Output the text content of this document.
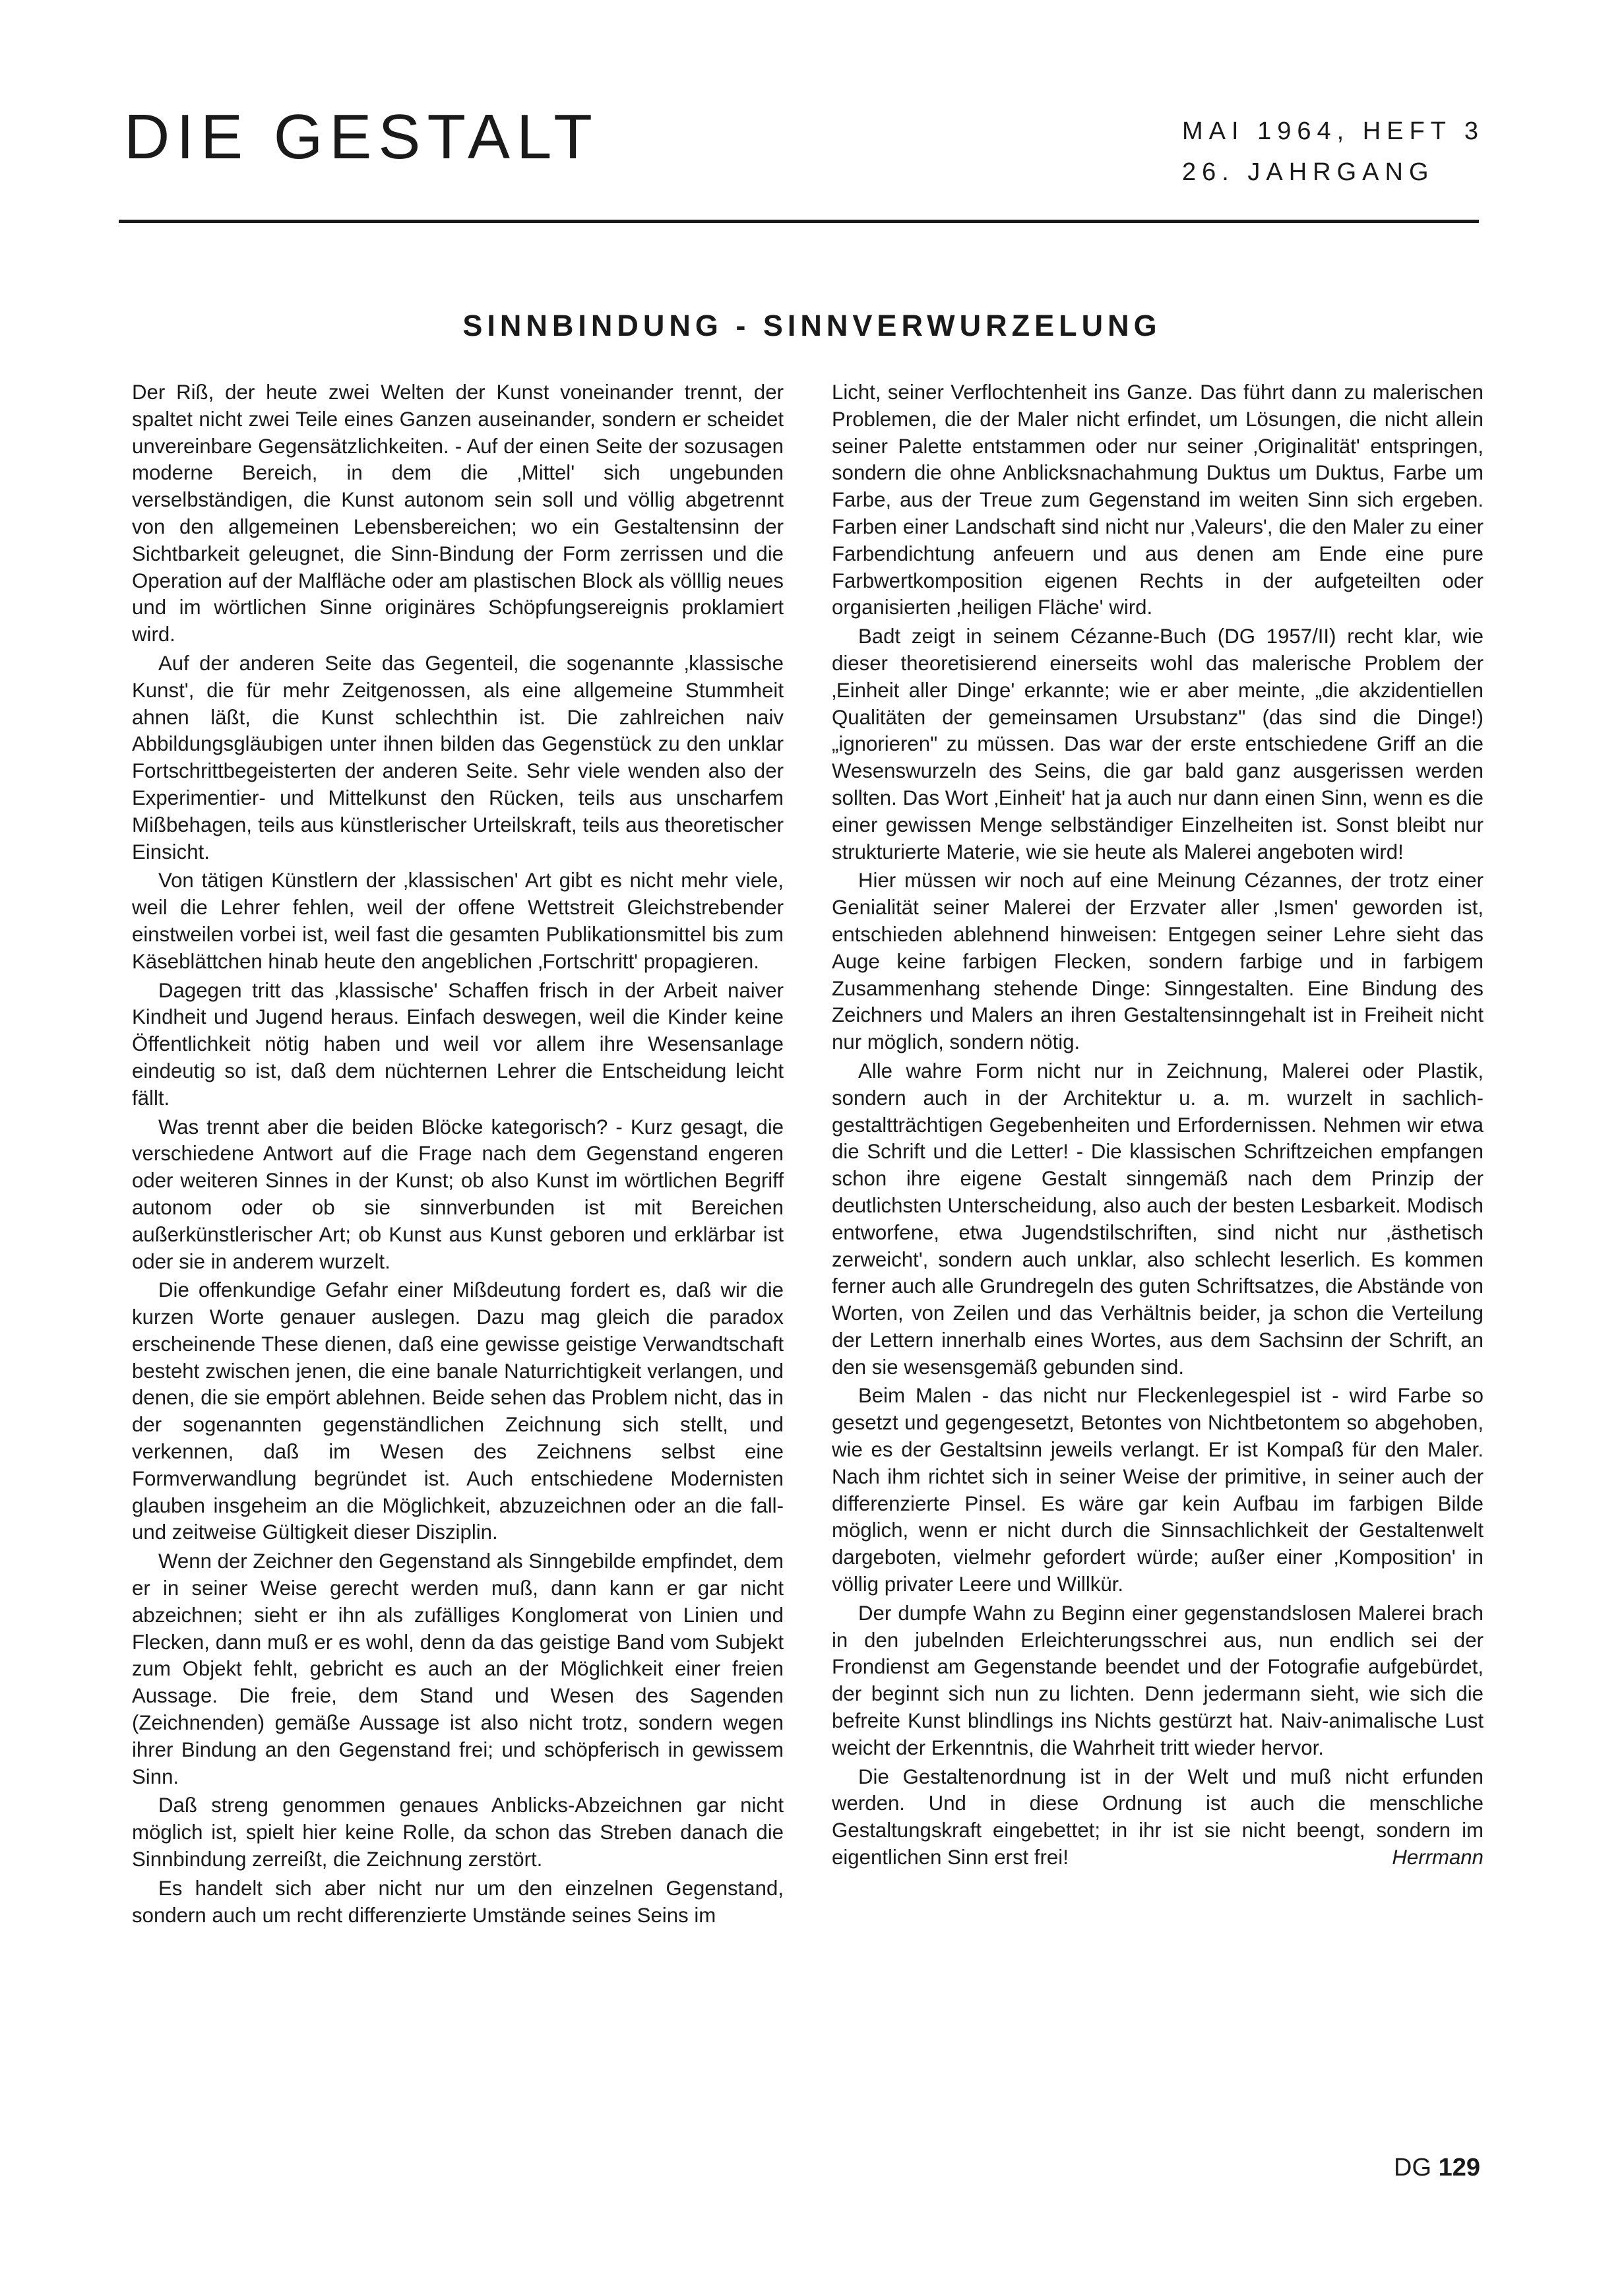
DIE GESTALT	MAI 1964, HEFT 3
26. JAHRGANG
SINNBINDUNG - SINNVERWURZELUNG

Der Riß, der heute zwei Welten der Kunst voneinander trennt, der spaltet nicht zwei Teile eines Ganzen auseinander, sondern er scheidet unvereinbare Gegensätzlichkeiten. - Auf der einen Seite der sozusagen moderne Bereich, in dem die ‚Mittel' sich ungebunden verselbständigen, die Kunst autonom sein soll und völlig abgetrennt von den allgemeinen Lebensbereichen; wo ein Gestaltensinn der Sichtbarkeit geleugnet, die Sinn-Bindung der Form zerrissen und die Operation auf der Malfläche oder am plastischen Block als völllig neues und im wörtlichen Sinne originäres Schöpfungsereignis proklamiert wird.

Auf der anderen Seite das Gegenteil, die sogenannte ‚klassische Kunst', die für mehr Zeitgenossen, als eine allgemeine Stummheit ahnen läßt, die Kunst schlechthin ist. Die zahlreichen naiv Abbildungsgläubigen unter ihnen bilden das Gegenstück zu den unklar Fortschrittbegeisterten der anderen Seite. Sehr viele wenden also der Experimentier- und Mittelkunst den Rücken, teils aus unscharfem Mißbehagen, teils aus künstlerischer Urteilskraft, teils aus theoretischer Einsicht.

Von tätigen Künstlern der ‚klassischen' Art gibt es nicht mehr viele, weil die Lehrer fehlen, weil der offene Wettstreit Gleichstrebender einstweilen vorbei ist, weil fast die gesamten Publikationsmittel bis zum Käseblättchen hinab heute den angeblichen ‚Fortschritt' propagieren.

Dagegen tritt das ‚klassische' Schaffen frisch in der Arbeit naiver Kindheit und Jugend heraus. Einfach deswegen, weil die Kinder keine Öffentlichkeit nötig haben und weil vor allem ihre Wesensanlage eindeutig so ist, daß dem nüchternen Lehrer die Entscheidung leicht fällt.

Was trennt aber die beiden Blöcke kategorisch? - Kurz gesagt, die verschiedene Antwort auf die Frage nach dem Gegenstand engeren oder weiteren Sinnes in der Kunst; ob also Kunst im wörtlichen Begriff autonom oder ob sie sinnverbunden ist mit Bereichen außerkünstlerischer Art; ob Kunst aus Kunst geboren und erklärbar ist oder sie in anderem wurzelt.

Die offenkundige Gefahr einer Mißdeutung fordert es, daß wir die kurzen Worte genauer auslegen. Dazu mag gleich die paradox erscheinende These dienen, daß eine gewisse geistige Verwandtschaft besteht zwischen jenen, die eine banale Naturrichtigkeit verlangen, und denen, die sie empört ablehnen. Beide sehen das Problem nicht, das in der sogenannten gegenständlichen Zeichnung sich stellt, und verkennen, daß im Wesen des Zeichnens selbst eine Formverwandlung begründet ist. Auch entschiedene Modernisten glauben insgeheim an die Möglichkeit, abzuzeichnen oder an die fall- und zeitweise Gültigkeit dieser Disziplin.

Wenn der Zeichner den Gegenstand als Sinngebilde empfindet, dem er in seiner Weise gerecht werden muß, dann kann er gar nicht abzeichnen; sieht er ihn als zufälliges Konglomerat von Linien und Flecken, dann muß er es wohl, denn da das geistige Band vom Subjekt zum Objekt fehlt, gebricht es auch an der Möglichkeit einer freien Aussage. Die freie, dem Stand und Wesen des Sagenden (Zeichnenden) gemäße Aussage ist also nicht trotz, sondern wegen ihrer Bindung an den Gegenstand frei; und schöpferisch in gewissem Sinn.

Daß streng genommen genaues Anblicks-Abzeichnen gar nicht möglich ist, spielt hier keine Rolle, da schon das Streben danach die Sinnbindung zerreißt, die Zeichnung zerstört.

Es handelt sich aber nicht nur um den einzelnen Gegenstand, sondern auch um recht differenzierte Umstände seines Seins im

Licht, seiner Verflochtenheit ins Ganze. Das führt dann zu malerischen Problemen, die der Maler nicht erfindet, um Lösungen, die nicht allein seiner Palette entstammen oder nur seiner ‚Originalität' entspringen, sondern die ohne Anblicksnachahmung Duktus um Duktus, Farbe um Farbe, aus der Treue zum Gegenstand im weiten Sinn sich ergeben. Farben einer Landschaft sind nicht nur ‚Valeurs', die den Maler zu einer Farbendichtung anfeuern und aus denen am Ende eine pure Farbwertkomposition eigenen Rechts in der aufgeteilten oder organisierten ‚heiligen Fläche' wird.

Badt zeigt in seinem Cézanne-Buch (DG 1957/II) recht klar, wie dieser theoretisierend einerseits wohl das malerische Problem der ‚Einheit aller Dinge' erkannte; wie er aber meinte, „die akzidentiellen Qualitäten der gemeinsamen Ursubstanz" (das sind die Dinge!) „ignorieren" zu müssen. Das war der erste entschiedene Griff an die Wesenswurzeln des Seins, die gar bald ganz ausgerissen werden sollten. Das Wort ‚Einheit' hat ja auch nur dann einen Sinn, wenn es die einer gewissen Menge selbständiger Einzelheiten ist. Sonst bleibt nur strukturierte Materie, wie sie heute als Malerei angeboten wird!

Hier müssen wir noch auf eine Meinung Cézannes, der trotz einer Genialität seiner Malerei der Erzvater aller ‚Ismen' geworden ist, entschieden ablehnend hinweisen: Entgegen seiner Lehre sieht das Auge keine farbigen Flecken, sondern farbige und in farbigem Zusammenhang stehende Dinge: Sinngestalten. Eine Bindung des Zeichners und Malers an ihren Gestaltensinngehalt ist in Freiheit nicht nur möglich, sondern nötig.

Alle wahre Form nicht nur in Zeichnung, Malerei oder Plastik, sondern auch in der Architektur u. a. m. wurzelt in sachlich-gestaltträchtigen Gegebenheiten und Erfordernissen. Nehmen wir etwa die Schrift und die Letter! - Die klassischen Schriftzeichen empfangen schon ihre eigene Gestalt sinngemäß nach dem Prinzip der deutlichsten Unterscheidung, also auch der besten Lesbarkeit. Modisch entworfene, etwa Jugendstilschriften, sind nicht nur ‚ästhetisch zerweicht', sondern auch unklar, also schlecht leserlich. Es kommen ferner auch alle Grundregeln des guten Schriftsatzes, die Abstände von Worten, von Zeilen und das Verhältnis beider, ja schon die Verteilung der Lettern innerhalb eines Wortes, aus dem Sachsinn der Schrift, an den sie wesensgemäß gebunden sind.

Beim Malen - das nicht nur Fleckenlegespiel ist - wird Farbe so gesetzt und gegengesetzt, Betontes von Nichtbetontem so abgehoben, wie es der Gestaltsinn jeweils verlangt. Er ist Kompaß für den Maler. Nach ihm richtet sich in seiner Weise der primitive, in seiner auch der differenzierte Pinsel. Es wäre gar kein Aufbau im farbigen Bilde möglich, wenn er nicht durch die Sinnsachlichkeit der Gestaltenwelt dargeboten, vielmehr gefordert würde; außer einer ‚Komposition' in völlig privater Leere und Willkür.

Der dumpfe Wahn zu Beginn einer gegenstandslosen Malerei brach in den jubelnden Erleichterungsschrei aus, nun endlich sei der Frondienst am Gegenstande beendet und der Fotografie aufgebürdet, der beginnt sich nun zu lichten. Denn jedermann sieht, wie sich die befreite Kunst blindlings ins Nichts gestürzt hat. Naiv-animalische Lust weicht der Erkenntnis, die Wahrheit tritt wieder hervor.

Die Gestaltenordnung ist in der Welt und muß nicht erfunden werden. Und in diese Ordnung ist auch die menschliche Gestaltungskraft eingebettet; in ihr ist sie nicht beengt, sondern im eigentlichen Sinn erst frei!	Herrmann

DG 129
